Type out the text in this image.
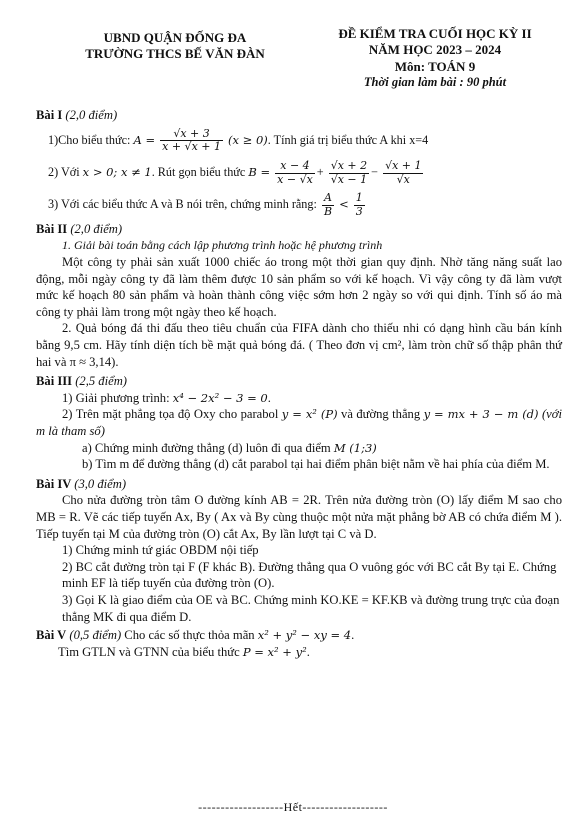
UBND QUẬN ĐỐNG ĐA
TRƯỜNG THCS BẾ VĂN ĐÀN
ĐỀ KIỂM TRA CUỐI HỌC KỲ II
NĂM HỌC 2023 – 2024
Môn: TOÁN 9
Thời gian làm bài : 90 phút
Bài I (2,0 điểm)
1)Cho biểu thức: $A = \frac{√x + 3}{x + √x + 1} (x \ge 0)$. Tính giá trị biểu thức A khi x=4
2) Với x > 0; x ≠ 1. Rút gọn biểu thức $B = \frac{x - 4}{x - √x} + \frac{√x + 2}{√x - 1} - \frac{√x + 1}{√x}$
3) Với các biểu thức A và B nói trên, chứng minh rằng: $\frac{A}{B} < \frac{1}{3}$
Bài II (2,0 điểm)
1. Giải bài toán bằng cách lập phương trình hoặc hệ phương trình
Một công ty phải sản xuất 1000 chiếc áo trong một thời gian quy định. Nhờ tăng năng suất lao động, mỗi ngày công ty đã làm thêm được 10 sản phẩm so với kế hoạch. Vì vậy công ty đã làm vượt mức kế hoạch 80 sản phẩm và hoàn thành công việc sớm hơn 2 ngày so với qui định. Tính số áo mà công ty phải làm trong một ngày theo kế hoạch.
2. Quả bóng đá thi đấu theo tiêu chuẩn của FIFA dành cho thiếu nhi có dạng hình cầu bán kính bằng 9,5 cm. Hãy tính diện tích bề mặt quả bóng đá. ( Theo đơn vị cm², làm tròn chữ số thập phân thứ hai và π ≈ 3,14).
Bài III (2,5 điểm)
1) Giải phương trình: x⁴ − 2x² − 3 = 0.
2) Trên mặt phẳng tọa độ Oxy cho parabol y = x² (P) và đường thẳng y = mx + 3 − m (d) (với m là tham số)
a) Chứng minh đường thẳng (d) luôn đi qua điểm M (1;3)
b) Tìm m để đường thẳng (d) cắt parabol tại hai điểm phân biệt nằm về hai phía của điểm M.
Bài IV (3,0 điểm)
Cho nửa đường tròn tâm O đường kính AB = 2R. Trên nửa đường tròn (O) lấy điểm M sao cho MB = R. Vẽ các tiếp tuyến Ax, By ( Ax và By cùng thuộc một nửa mặt phẳng bờ AB có chứa điểm M ). Tiếp tuyến tại M của đường tròn (O) cắt Ax, By lần lượt tại C và D.
1) Chứng minh tứ giác OBDM nội tiếp
2) BC cắt đường tròn tại F (F khác B). Đường thẳng qua O vuông góc với BC cắt By tại E. Chứng minh EF là tiếp tuyến của đường tròn (O).
3) Gọi K là giao điểm của OE và BC. Chứng minh KO.KE = KF.KB và đường trung trực của đoạn thẳng MK đi qua điểm D.
Bài V (0,5 điểm) Cho các số thực thỏa mãn x² + y² − xy = 4.
Tìm GTLN và GTNN của biểu thức P = x² + y².
-------------------Hết-------------------
